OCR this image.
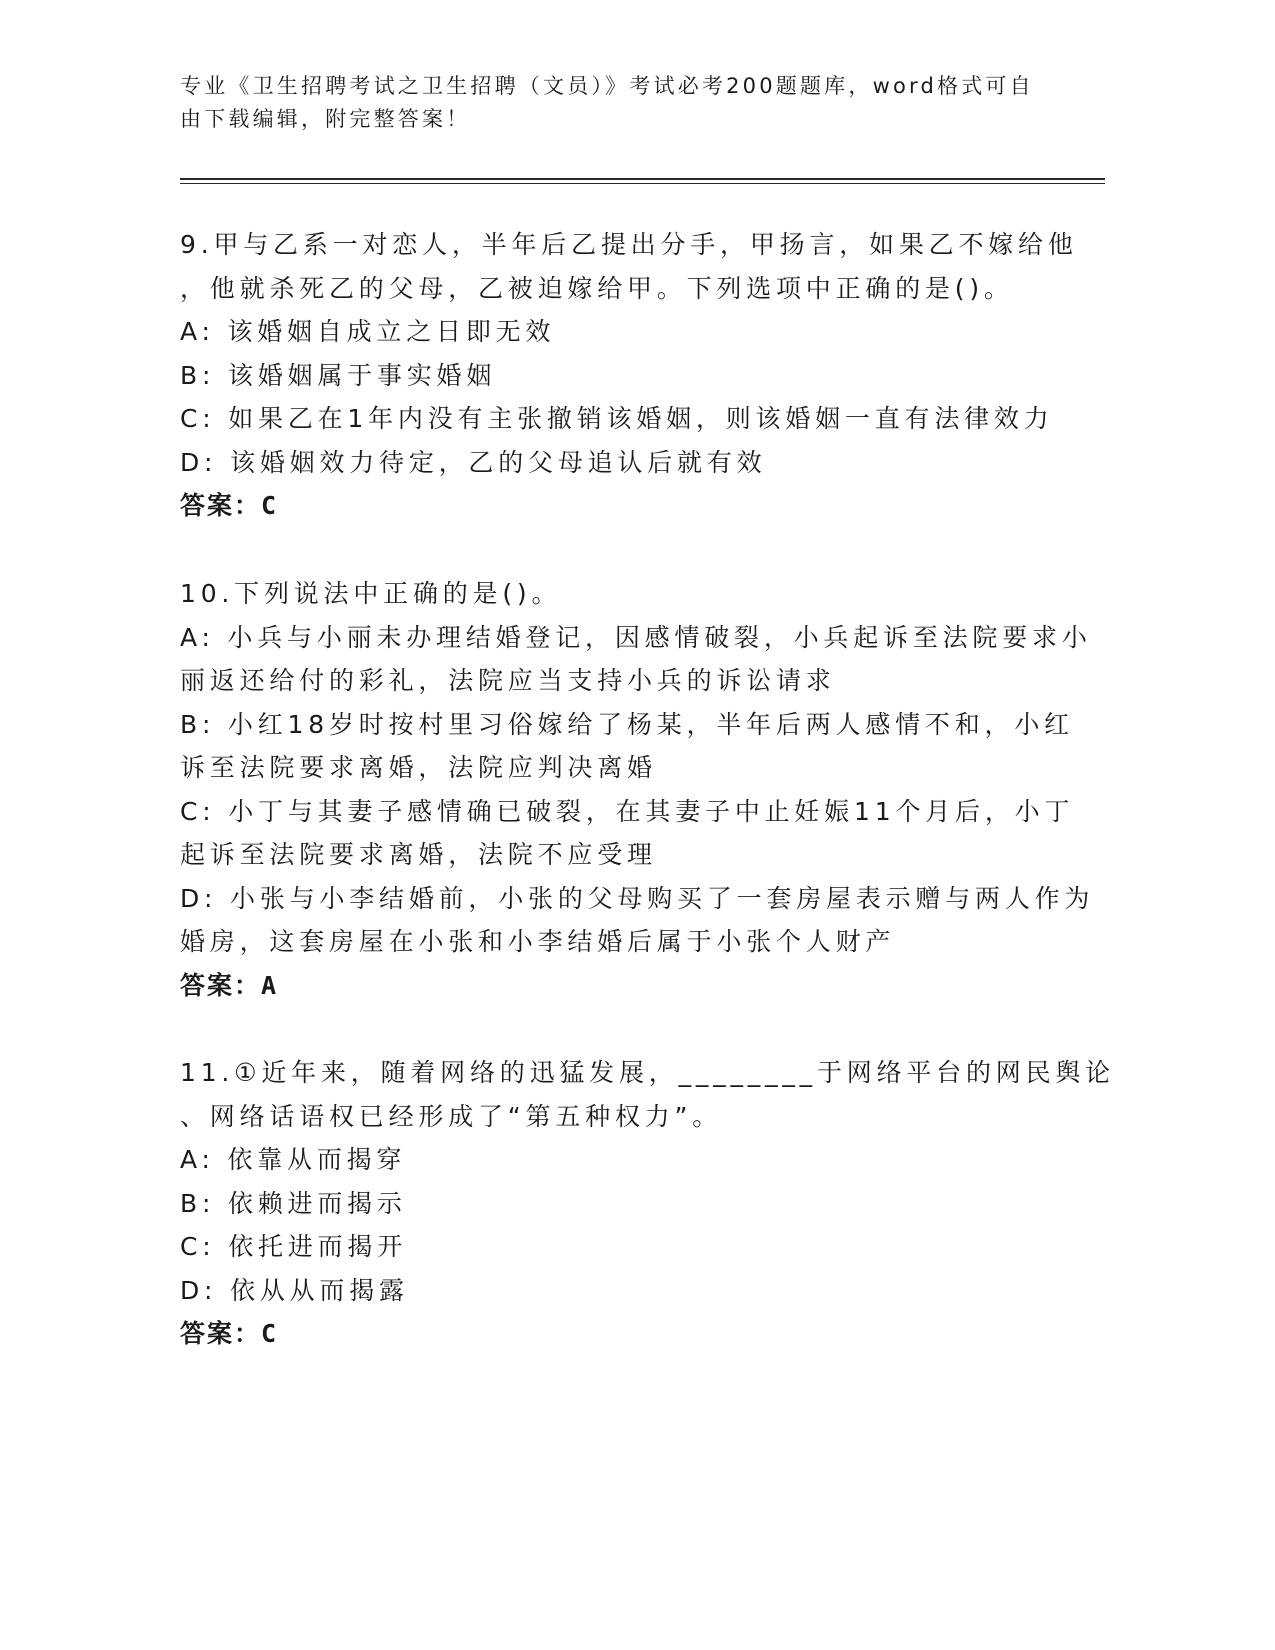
专业《卫生招聘考试之卫生招聘（文员）》考试必考200题题库，word格式可自
由下载编辑，附完整答案！
9.甲与乙系一对恋人，半年后乙提出分手，甲扬言，如果乙不嫁给他
，他就杀死乙的父母，乙被迫嫁给甲。下列选项中正确的是()。
A: 该婚姻自成立之日即无效
B: 该婚姻属于事实婚姻
C: 如果乙在1年内没有主张撤销该婚姻，则该婚姻一直有法律效力
D: 该婚姻效力待定，乙的父母追认后就有效
答案：C
10.下列说法中正确的是()。
A: 小兵与小丽未办理结婚登记，因感情破裂，小兵起诉至法院要求小
丽返还给付的彩礼，法院应当支持小兵的诉讼请求
B: 小红18岁时按村里习俗嫁给了杨某，半年后两人感情不和，小红
诉至法院要求离婚，法院应判决离婚
C: 小丁与其妻子感情确已破裂，在其妻子中止妊娠11个月后，小丁
起诉至法院要求离婚，法院不应受理
D: 小张与小李结婚前，小张的父母购买了一套房屋表示赠与两人作为
婚房，这套房屋在小张和小李结婚后属于小张个人财产
答案：A
11.①近年来，随着网络的迅猛发展，________于网络平台的网民舆论
、网络话语权已经形成了“第五种权力”。
A: 依靠从而揭穿
B: 依赖进而揭示
C: 依托进而揭开
D: 依从从而揭露
答案：C
